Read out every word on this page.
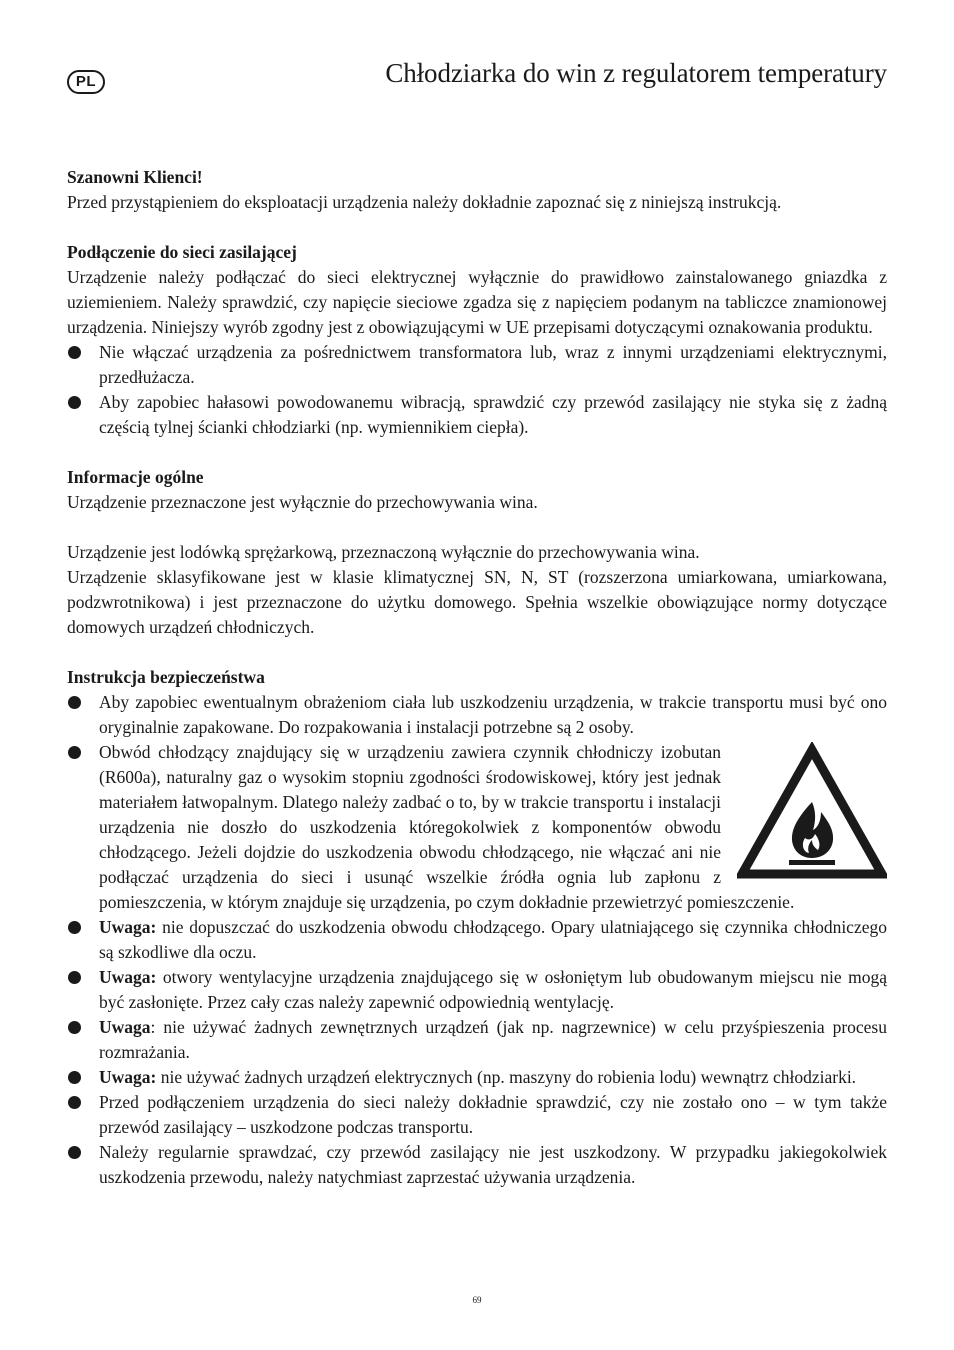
PL	Chłodziarka do win z regulatorem temperatury

Szanowni Klienci!

Przed przystąpieniem do eksploatacji urządzenia należy dokładnie zapoznać się z niniejszą instrukcją.

Podłączenie do sieci zasilającej

Urządzenie należy podłączać do sieci elektrycznej wyłącznie do prawidłowo zainstalowanego gniazdka z uziemieniem. Należy sprawdzić, czy napięcie sieciowe zgadza się z napięciem podanym na tabliczce znamionowej urządzenia. Niniejszy wyrób zgodny jest z obowiązującymi w UE przepisami dotyczącymi oznakowania produktu.

Nie włączać urządzenia za pośrednictwem transformatora lub, wraz z innymi urządzeniami elektrycznymi, przedłużacza.
Aby zapobiec hałasowi powodowanemu wibracją, sprawdzić czy przewód zasilający nie styka się z żadną częścią tylnej ścianki chłodziarki (np. wymiennikiem ciepła).

Informacje ogólne

Urządzenie przeznaczone jest wyłącznie do przechowywania wina.

Urządzenie jest lodówką sprężarkową, przeznaczoną wyłącznie do przechowywania wina.

Urządzenie sklasyfikowane jest w klasie klimatycznej SN, N, ST (rozszerzona umiarkowana, umiarkowana, podzwrotnikowa) i jest przeznaczone do użytku domowego. Spełnia wszelkie obowiązujące normy dotyczące domowych urządzeń chłodniczych.

Instrukcja bezpieczeństwa

Aby zapobiec ewentualnym obrażeniom ciała lub uszkodzeniu urządzenia, w trakcie transportu musi być ono oryginalnie zapakowane. Do rozpakowania i instalacji potrzebne są 2 osoby.
Obwód chłodzący znajdujący się w urządzeniu zawiera czynnik chłodniczy izobutan (R600a), naturalny gaz o wysokim stopniu zgodności środowiskowej, który jest jednak materiałem łatwopalnym. Dlatego należy zadbać o to, by w trakcie transportu i instalacji urządzenia nie doszło do uszkodzenia któregokolwiek z komponentów obwodu chłodzącego. Jeżeli dojdzie do uszkodzenia obwodu chłodzącego, nie włączać ani nie podłączać urządzenia do sieci i usunąć wszelkie źródła ognia lub zapłonu z pomieszczenia, w którym znajduje się urządzenia, po czym dokładnie przewietrzyć pomieszczenie.
Uwaga: nie dopuszczać do uszkodzenia obwodu chłodzącego. Opary ulatniającego się czynnika chłodniczego są szkodliwe dla oczu.
Uwaga: otwory wentylacyjne urządzenia znajdującego się w osłoniętym lub obudowanym miejscu nie mogą być zasłonięte. Przez cały czas należy zapewnić odpowiednią wentylację.
Uwaga: nie używać żadnych zewnętrznych urządzeń (jak np. nagrzewnice) w celu przyśpieszenia procesu rozmrażania.
Uwaga: nie używać żadnych urządzeń elektrycznych (np. maszyny do robienia lodu) wewnątrz chłodziarki.
Przed podłączeniem urządzenia do sieci należy dokładnie sprawdzić, czy nie zostało ono – w tym także przewód zasilający – uszkodzone podczas transportu.
Należy regularnie sprawdzać, czy przewód zasilający nie jest uszkodzony. W przypadku jakiegokolwiek uszkodzenia przewodu, należy natychmiast zaprzestać używania urządzenia.
69
